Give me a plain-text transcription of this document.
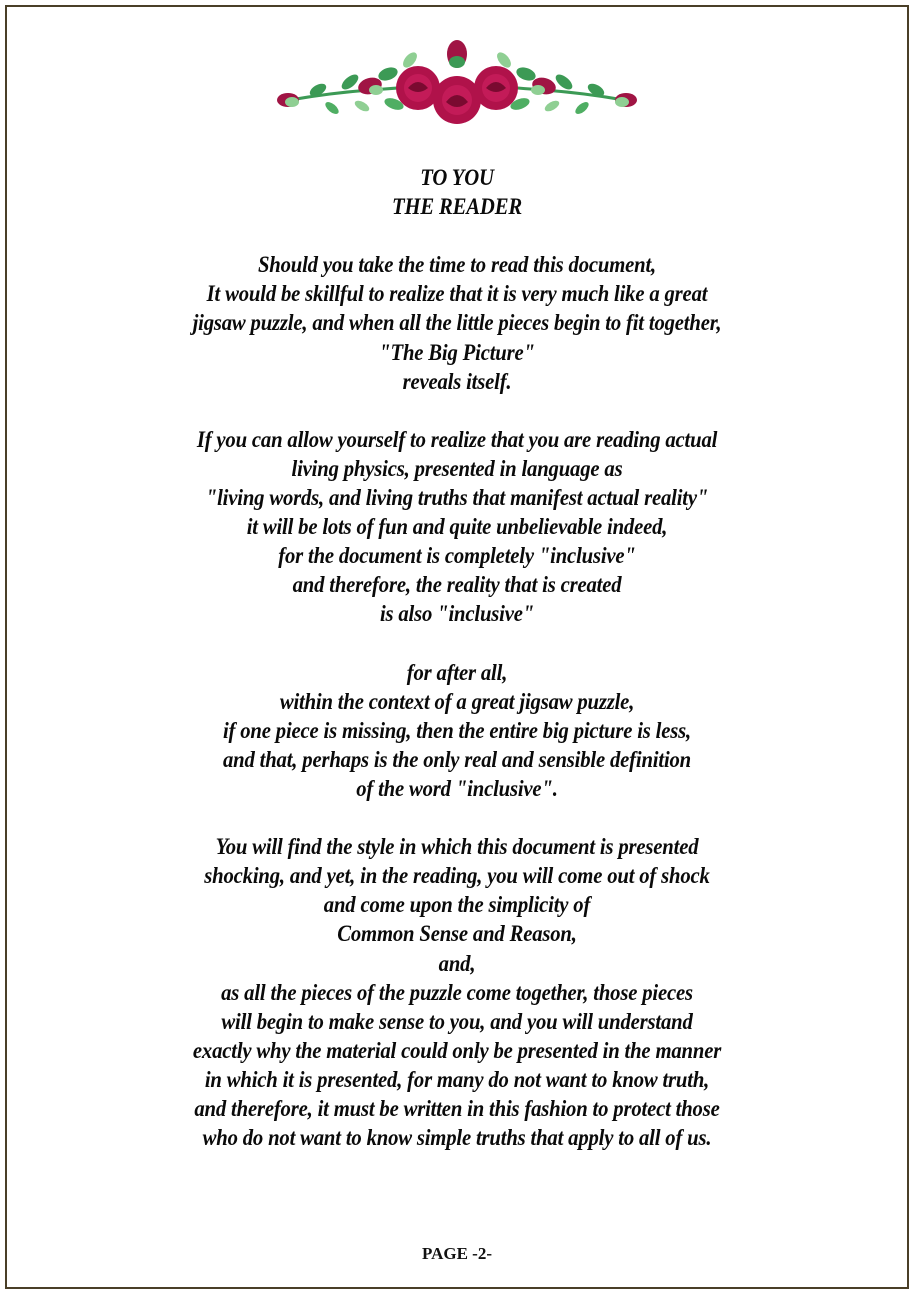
TO YOU
THE READER
Should you take the time to read this document,
It would be skillful to realize that it is very much like a great
jigsaw puzzle, and when all the little pieces begin to fit together,
"The Big Picture"
reveals itself.
If you can allow yourself to realize that you are reading actual
living physics, presented in language as
"living words, and living truths that manifest actual reality"
it will be lots of fun and quite unbelievable indeed,
for the document is completely "inclusive"
and therefore, the reality that is created
is also "inclusive"
for after all,
within the context of a great jigsaw puzzle,
if one piece is missing, then the entire big picture is less,
and that, perhaps is the only real and sensible definition
of the word "inclusive".
You will find the style in which this document is presented
shocking, and yet, in the reading, you will come out of shock
and come upon the simplicity of
Common Sense and Reason,
and,
as all the pieces of the puzzle come together, those pieces
will begin to make sense to you, and you will understand
exactly why the material could only be presented in the manner
in which it is presented, for many do not want to know truth,
and therefore, it must be written in this fashion to protect those
who do not want to know simple truths that apply to all of us.
PAGE -2-
